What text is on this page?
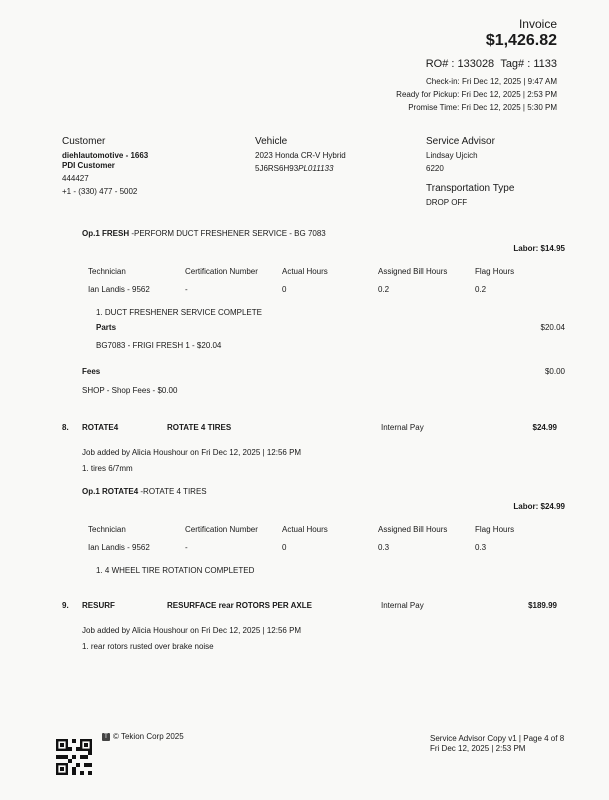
Invoice
$1,426.82
RO# : 133028 Tag# : 1133
Check-in: Fri Dec 12, 2025 | 9:47 AM
Ready for Pickup: Fri Dec 12, 2025 | 2:53 PM
Promise Time: Fri Dec 12, 2025 | 5:30 PM
Customer
diehlautomotive - 1663
PDI Customer
444427
+1 - (330) 477 - 5002
Vehicle
2023 Honda CR-V Hybrid
5J6RS6H93PL011133
Service Advisor
Lindsay Ujcich
6220
Transportation Type
DROP OFF
Op.1 FRESH -PERFORM DUCT FRESHENER SERVICE - BG 7083
Labor: $14.95
Technician	Certification Number	Actual Hours	Assigned Bill Hours	Flag Hours
Ian Landis - 9562	-	0	0.2	0.2
1. DUCT FRESHENER SERVICE COMPLETE
Parts	$20.04
BG7083 - FRIGI FRESH 1 - $20.04
Fees	$0.00
SHOP - Shop Fees - $0.00
8. ROTATE4	ROTATE 4 TIRES	Internal Pay	$24.99
Job added by Alicia Houshour on Fri Dec 12, 2025 | 12:56 PM
1. tires 6/7mm
Op.1 ROTATE4 -ROTATE 4 TIRES
Labor: $24.99
Technician	Certification Number	Actual Hours	Assigned Bill Hours	Flag Hours
Ian Landis - 9562	-	0	0.3	0.3
1. 4 WHEEL TIRE ROTATION COMPLETED
9. RESURF	RESURFACE rear ROTORS PER AXLE	Internal Pay	$189.99
Job added by Alicia Houshour on Fri Dec 12, 2025 | 12:56 PM
1. rear rotors rusted over brake noise
T © Tekion Corp 2025	Service Advisor Copy v1 | Page 4 of 8
Fri Dec 12, 2025 | 2:53 PM
